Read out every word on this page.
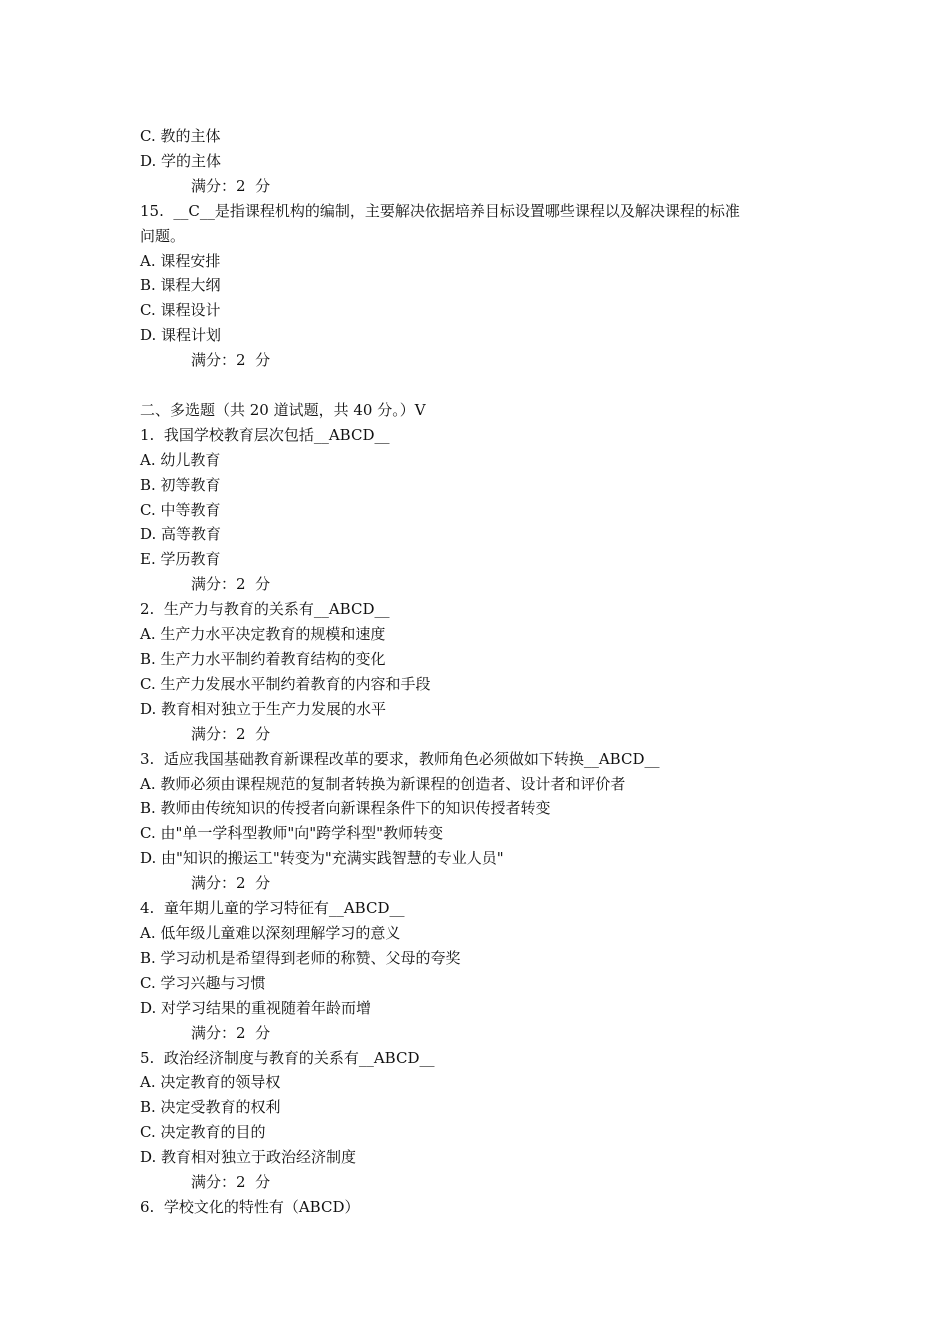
C. 教的主体
D. 学的主体
满分：2  分
15.  __C__是指课程机构的编制，主要解决依据培养目标设置哪些课程以及解决课程的标准
问题。
A. 课程安排
B. 课程大纲
C. 课程设计
D. 课程计划
满分：2  分
二、多选题（共 20 道试题，共 40 分。）V
1.  我国学校教育层次包括__ABCD__
A. 幼儿教育
B. 初等教育
C. 中等教育
D. 高等教育
E. 学历教育
满分：2  分
2.  生产力与教育的关系有__ABCD__
A. 生产力水平决定教育的规模和速度
B. 生产力水平制约着教育结构的变化
C. 生产力发展水平制约着教育的内容和手段
D. 教育相对独立于生产力发展的水平
满分：2  分
3.  适应我国基础教育新课程改革的要求，教师角色必须做如下转换__ABCD__
A. 教师必须由课程规范的复制者转换为新课程的创造者、设计者和评价者
B. 教师由传统知识的传授者向新课程条件下的知识传授者转变
C. 由"单一学科型教师"向"跨学科型"教师转变
D. 由"知识的搬运工"转变为"充满实践智慧的专业人员"
满分：2  分
4.  童年期儿童的学习特征有__ABCD__
A. 低年级儿童难以深刻理解学习的意义
B. 学习动机是希望得到老师的称赞、父母的夸奖
C. 学习兴趣与习惯
D. 对学习结果的重视随着年龄而增
满分：2  分
5.  政治经济制度与教育的关系有__ABCD__
A. 决定教育的领导权
B. 决定受教育的权利
C. 决定教育的目的
D. 教育相对独立于政治经济制度
满分：2  分
6.  学校文化的特性有（ABCD）
